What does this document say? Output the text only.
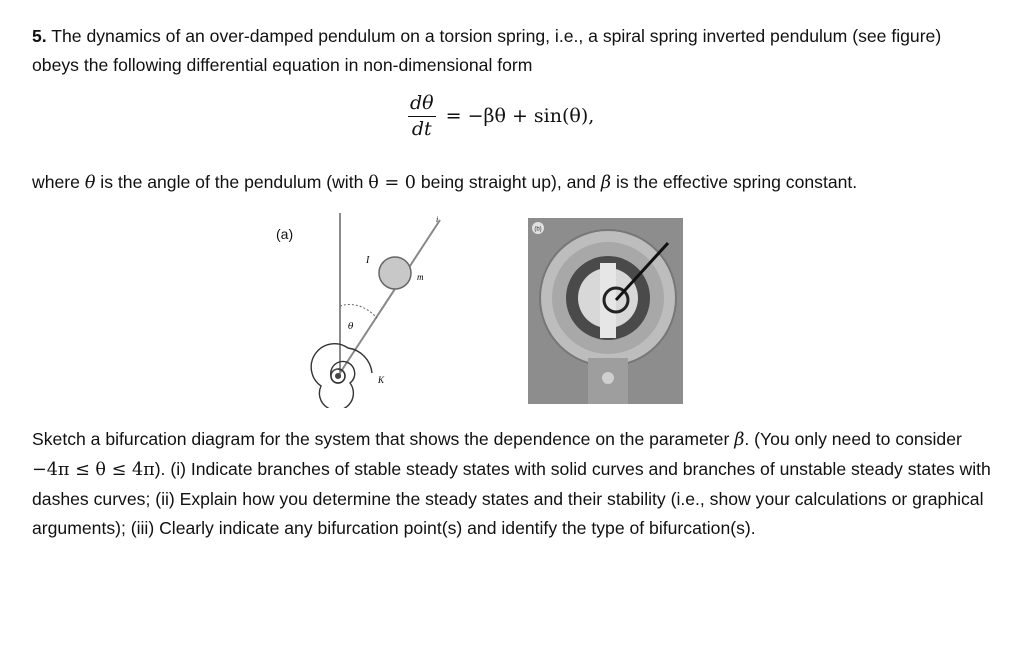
5. The dynamics of an over-damped pendulum on a torsion spring, i.e., a spiral spring inverted pendulum (see figure) obeys the following differential equation in non-dimensional form
$\frac{d\theta}{dt} = -\beta\theta + \sin(\theta)$,
where θ is the angle of the pendulum (with θ = 0 being straight up), and β is the effective spring constant.
(a)
I
m
θ
K
i
(b)
Sketch a bifurcation diagram for the system that shows the dependence on the parameter β. (You only need to consider −4π ≤ θ ≤ 4π). (i) Indicate branches of stable steady states with solid curves and branches of unstable steady states with dashes curves; (ii) Explain how you determine the steady states and their stability (i.e., show your calculations or graphical arguments); (iii) Clearly indicate any bifurcation point(s) and identify the type of bifurcation(s).
